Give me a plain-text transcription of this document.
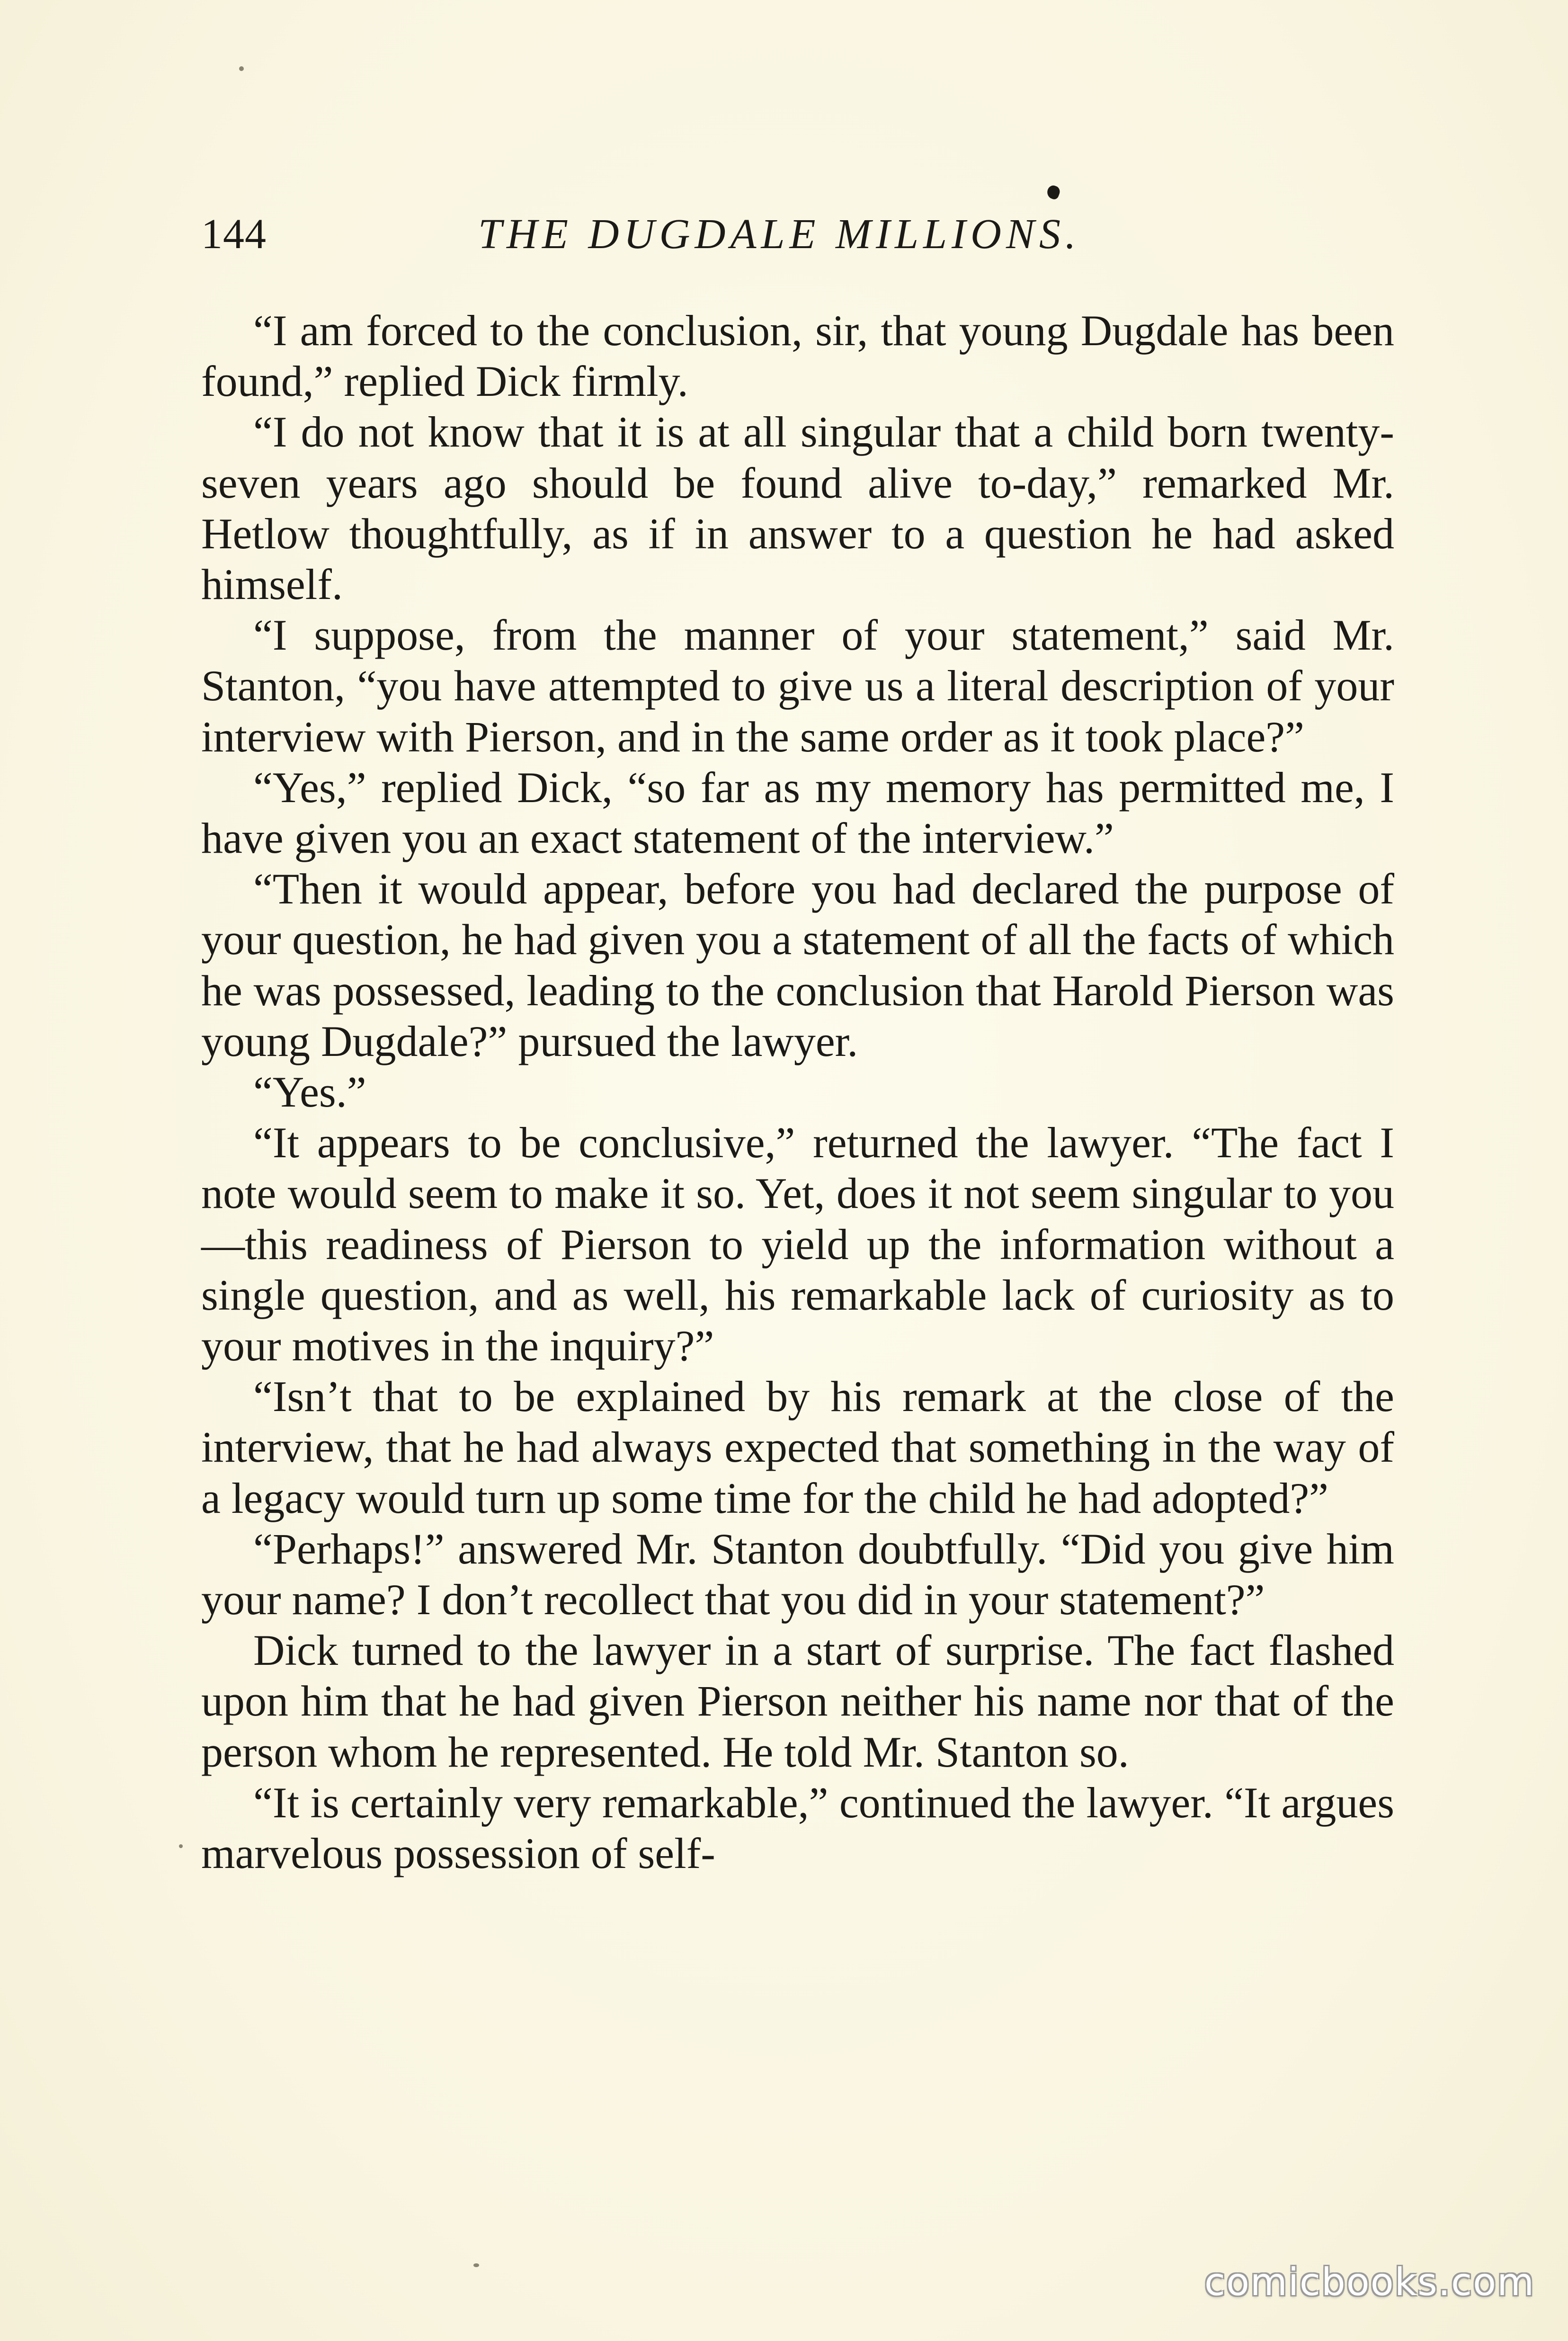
144	THE DUGDALE MILLIONS.

“I am forced to the conclusion, sir, that young Dugdale has been found,” replied Dick firmly.

“I do not know that it is at all singular that a child born twenty-seven years ago should be found alive to-day,” remarked Mr. Hetlow thoughtfully, as if in answer to a question he had asked himself.

“I suppose, from the manner of your statement,” said Mr. Stanton, “you have attempted to give us a literal description of your interview with Pierson, and in the same order as it took place?”

“Yes,” replied Dick, “so far as my memory has permitted me, I have given you an exact statement of the interview.”

“Then it would appear, before you had declared the purpose of your question, he had given you a statement of all the facts of which he was possessed, leading to the conclusion that Harold Pierson was young Dugdale?” pursued the lawyer.

“Yes.”

“It appears to be conclusive,” returned the lawyer. “The fact I note would seem to make it so. Yet, does it not seem singular to you—this readiness of Pierson to yield up the information without a single question, and as well, his remarkable lack of curiosity as to your motives in the inquiry?”

“Isn’t that to be explained by his remark at the close of the interview, that he had always expected that something in the way of a legacy would turn up some time for the child he had adopted?”

“Perhaps!” answered Mr. Stanton doubtfully. “Did you give him your name? I don’t recollect that you did in your statement?”

Dick turned to the lawyer in a start of surprise. The fact flashed upon him that he had given Pierson neither his name nor that of the person whom he represented. He told Mr. Stanton so.

“It is certainly very remarkable,” continued the lawyer. “It argues marvelous possession of self-

comicbooks.com
